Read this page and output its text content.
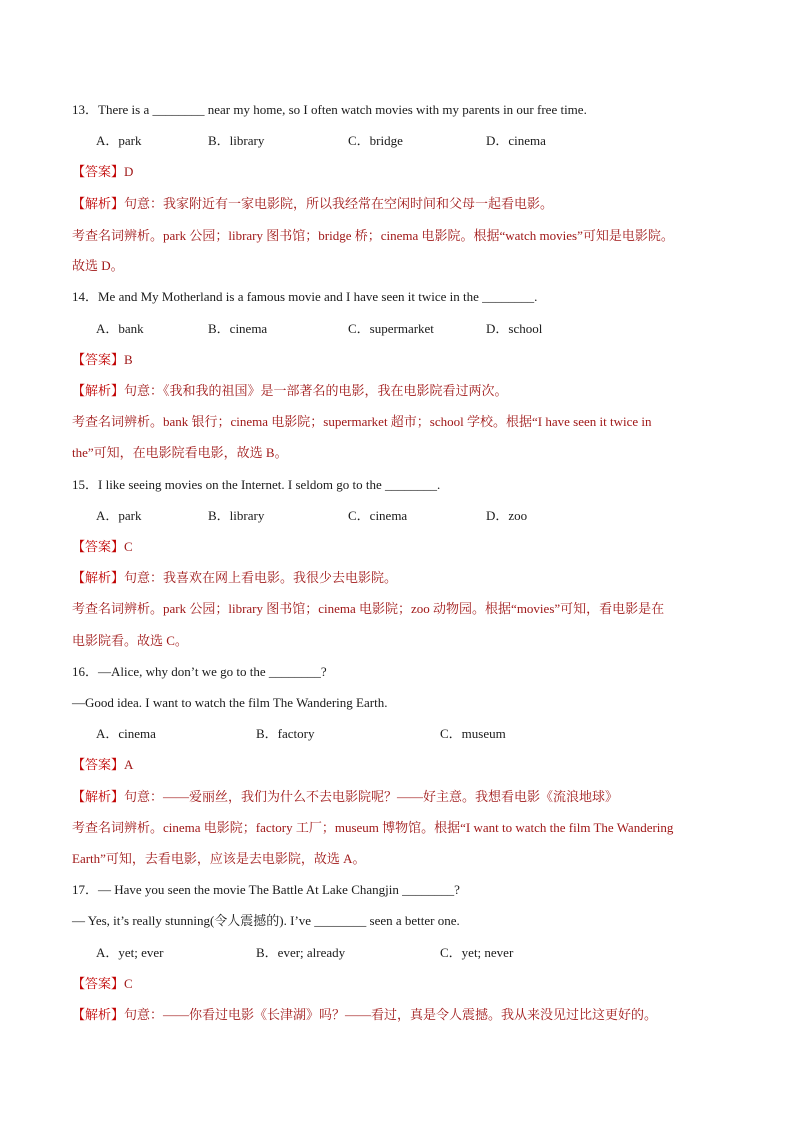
13．There is a ________ near my home, so I often watch movies with my parents in our free time.
A．park	B．library	C．bridge	D．cinema
【答案】D
【解析】句意：我家附近有一家电影院，所以我经常在空闲时间和父母一起看电影。
考查名词辨析。park 公园；library 图书馆；bridge 桥；cinema 电影院。根据“watch movies”可知是电影院。
故选 D。
14．Me and My Motherland is a famous movie and I have seen it twice in the ________.
A．bank	B．cinema	C．supermarket	D．school
【答案】B
【解析】句意：《我和我的祖国》是一部著名的电影，我在电影院看过两次。
考查名词辨析。bank 银行；cinema 电影院；supermarket 超市；school 学校。根据“I have seen it twice in
the”可知，在电影院看电影，故选 B。
15．I like seeing movies on the Internet. I seldom go to the ________.
A．park	B．library	C．cinema	D．zoo
【答案】C
【解析】句意：我喜欢在网上看电影。我很少去电影院。
考查名词辨析。park 公园；library 图书馆；cinema 电影院；zoo 动物园。根据“movies”可知，看电影是在
电影院看。故选 C。
16．—Alice, why don’t we go to the ________?
—Good idea. I want to watch the film The Wandering Earth.
A．cinema	B．factory	C．museum
【答案】A
【解析】句意：——爱丽丝，我们为什么不去电影院呢？——好主意。我想看电影《流浪地球》
考查名词辨析。cinema 电影院；factory 工厂；museum 博物馆。根据“I want to watch the film The Wandering
Earth”可知，去看电影，应该是去电影院，故选 A。
17．— Have you seen the movie The Battle At Lake Changjin ________?
— Yes, it’s really stunning(令人震撼的). I’ve ________ seen a better one.
A．yet; ever	B．ever; already	C．yet; never
【答案】C
【解析】句意：——你看过电影《长津湖》吗？——看过，真是令人震撼。我从来没见过比这更好的。
